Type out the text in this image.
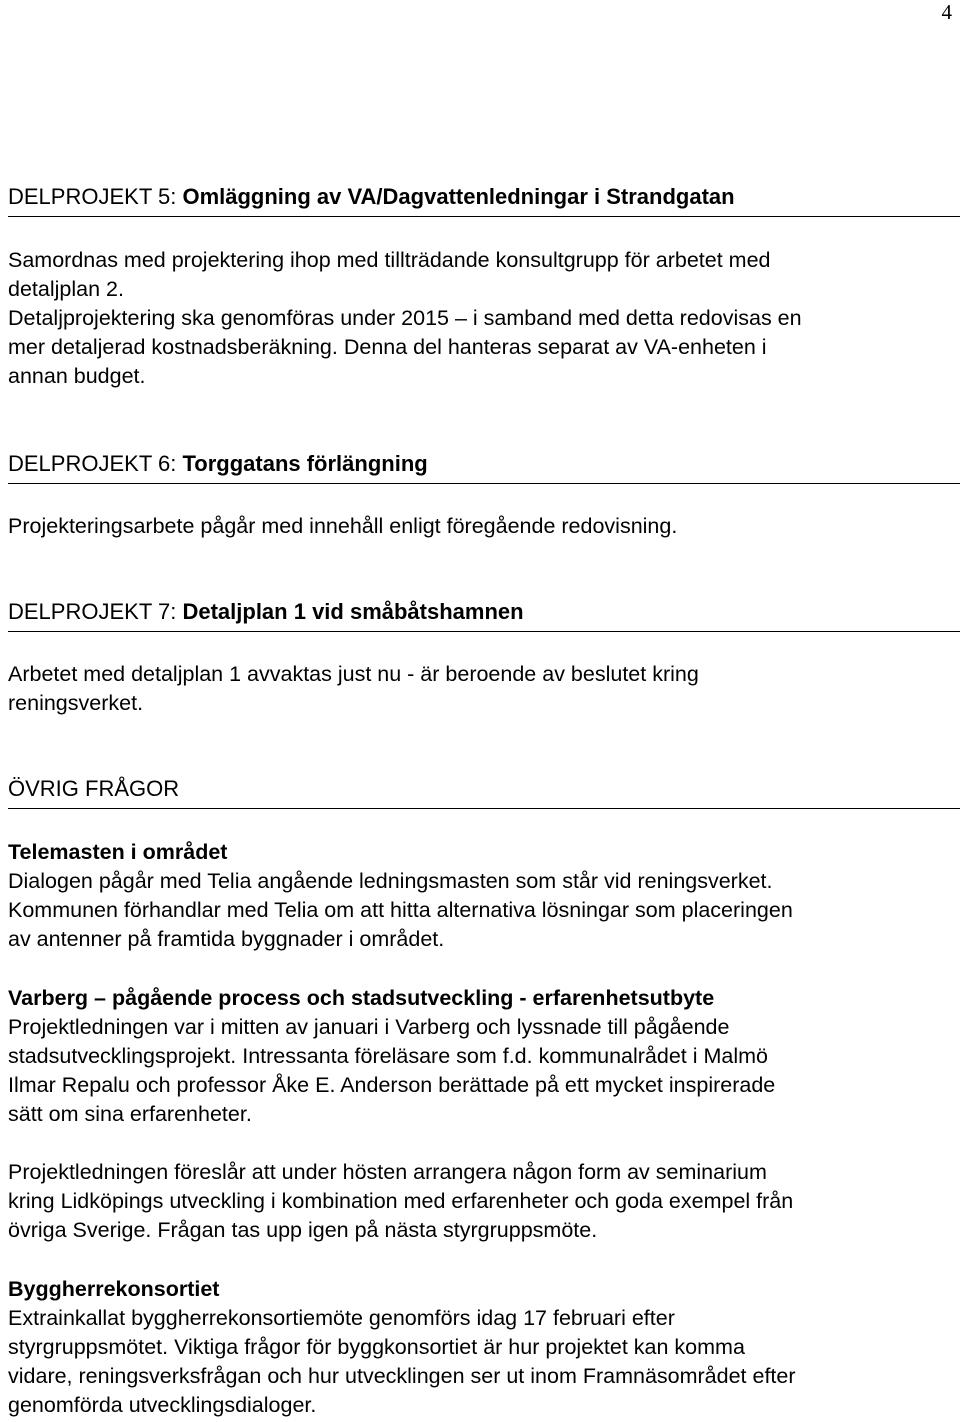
4
DELPROJEKT 5: Omläggning av VA/Dagvattenledningar i Strandgatan
Samordnas med projektering ihop med tillträdande konsultgrupp för arbetet med
detaljplan 2.
Detaljprojektering ska genomföras under 2015 – i samband med detta redovisas en
mer detaljerad kostnadsberäkning. Denna del hanteras separat av VA-enheten i
annan budget.
DELPROJEKT 6: Torggatans förlängning
Projekteringsarbete pågår med innehåll enligt föregående redovisning.
DELPROJEKT 7: Detaljplan 1 vid småbåtshamnen
Arbetet med detaljplan 1 avvaktas just nu - är beroende av beslutet kring
reningsverket.
ÖVRIG FRÅGOR
Telemasten i området
Dialogen pågår med Telia angående ledningsmasten som står vid reningsverket.
Kommunen förhandlar med Telia om att hitta alternativa lösningar som placeringen
av antenner på framtida byggnader i området.
Varberg – pågående process och stadsutveckling - erfarenhetsutbyte
Projektledningen var i mitten av januari i Varberg och lyssnade till pågående
stadsutvecklingsprojekt. Intressanta föreläsare som f.d. kommunalrådet i Malmö
Ilmar Repalu och professor Åke E. Anderson berättade på ett mycket inspirerade
sätt om sina erfarenheter.
Projektledningen föreslår att under hösten arrangera någon form av seminarium
kring Lidköpings utveckling i kombination med erfarenheter och goda exempel från
övriga Sverige. Frågan tas upp igen på nästa styrgruppsmöte.
Byggherrekonsortiet
Extrainkallat byggherrekonsortiemöte genomförs idag 17 februari efter
styrgruppsmötet. Viktiga frågor för byggkonsortiet är hur projektet kan komma
vidare, reningsverksfrågan och hur utvecklingen ser ut inom Framnäsområdet efter
genomförda utvecklingsdialoger.
